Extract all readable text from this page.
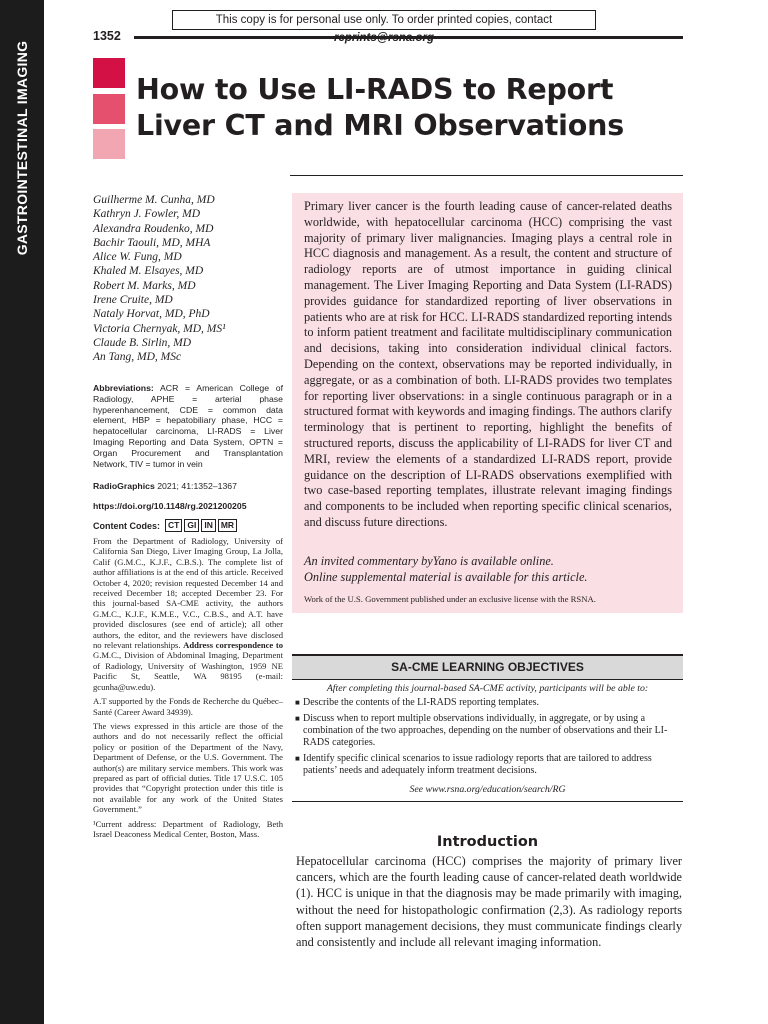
GASTROINTESTINAL IMAGING
This copy is for personal use only. To order printed copies, contact
1352
How to Use LI-RADS to Report Liver CT and MRI Observations
Guilherme M. Cunha, MD
Kathryn J. Fowler, MD
Alexandra Roudenko, MD
Bachir Taouli, MD, MHA
Alice W. Fung, MD
Khaled M. Elsayes, MD
Robert M. Marks, MD
Irene Cruite, MD
Nataly Horvat, MD, PhD
Victoria Chernyak, MD, MS¹
Claude B. Sirlin, MD
An Tang, MD, MSc
Abbreviations: ACR = American College of Radiology, APHE = arterial phase hyperenhancement, CDE = common data element, HBP = hepatobiliary phase, HCC = hepatocellular carcinoma, LI-RADS = Liver Imaging Reporting and Data System, OPTN = Organ Procurement and Transplantation Network, TIV = tumor in vein
RadioGraphics 2021; 41:1352–1367
https://doi.org/10.1148/rg.2021200205
Content Codes: CT GI IN MR

From the Department of Radiology, University of California San Diego, Liver Imaging Group, La Jolla, Calif (G.M.C., K.J.F., C.B.S.). The complete list of author affiliations is at the end of this article. Received October 4, 2020; revision requested December 14 and received December 18; accepted December 23. For this journal-based SA-CME activity, the authors G.M.C., K.J.F., K.M.E., V.C., C.B.S., and A.T. have provided disclosures (see end of article); all other authors, the editor, and the reviewers have disclosed no relevant relationships. Address correspondence to G.M.C., Division of Abdominal Imaging, Department of Radiology, University of Washington, 1959 NE Pacific St, Seattle, WA 98195 (e-mail: gcunha@uw.edu).

A.T supported by the Fonds de Recherche du Québec–Santé (Career Award 34939).

The views expressed in this article are those of the authors and do not necessarily reflect the official policy or position of the Department of the Navy, Department of Defense, or the U.S. Government. The author(s) are military service members. This work was prepared as part of official duties. Title 17 U.S.C. 105 provides that “Copyright protection under this title is not available for any work of the United States Government.”

¹Current address: Department of Radiology, Beth Israel Deaconess Medical Center, Boston, Mass.

Primary liver cancer is the fourth leading cause of cancer-related deaths worldwide, with hepatocellular carcinoma (HCC) comprising the vast majority of primary liver malignancies. Imaging plays a central role in HCC diagnosis and management. As a result, the content and structure of radiology reports are of utmost importance in guiding clinical management. The Liver Imaging Reporting and Data System (LI-RADS) provides guidance for standardized reporting of liver observations in patients who are at risk for HCC. LI-RADS standardized reporting intends to inform patient treatment and facilitate multidisciplinary communication and decisions, taking into consideration individual clinical factors. Depending on the context, observations may be reported individually, in aggregate, or as a combination of both. LI-RADS provides two templates for reporting liver observations: in a single continuous paragraph or in a structured format with keywords and imaging findings. The authors clarify terminology that is pertinent to reporting, highlight the benefits of structured reports, discuss the applicability of LI-RADS for liver CT and MRI, review the elements of a standardized LI-RADS report, provide guidance on the description of LI-RADS observations exemplified with two case-based reporting templates, illustrate relevant imaging findings and components to be included when reporting specific clinical scenarios, and discuss future directions.

An invited commentary byYano is available online.
Online supplemental material is available for this article.
Work of the U.S. Government published under an exclusive license with the RSNA.
SA-CME LEARNING OBJECTIVES
After completing this journal-based SA-CME activity, participants will be able to:
■ Describe the contents of the LI-RADS reporting templates.
■ Discuss when to report multiple observations individually, in aggregate, or by using a combination of the two approaches, depending on the number of observations and their LI-RADS categories.
■ Identify specific clinical scenarios to issue radiology reports that are tailored to address patients’ needs and adequately inform treatment decisions.
See www.rsna.org/education/search/RG
Introduction

Hepatocellular carcinoma (HCC) comprises the majority of primary liver cancers, which are the fourth leading cause of cancer-related death worldwide (1). HCC is unique in that the diagnosis may be made primarily with imaging, without the need for histopathologic confirmation (2,3). As radiology reports often support management decisions, they must communicate findings clearly and consistently and include all relevant imaging information.
